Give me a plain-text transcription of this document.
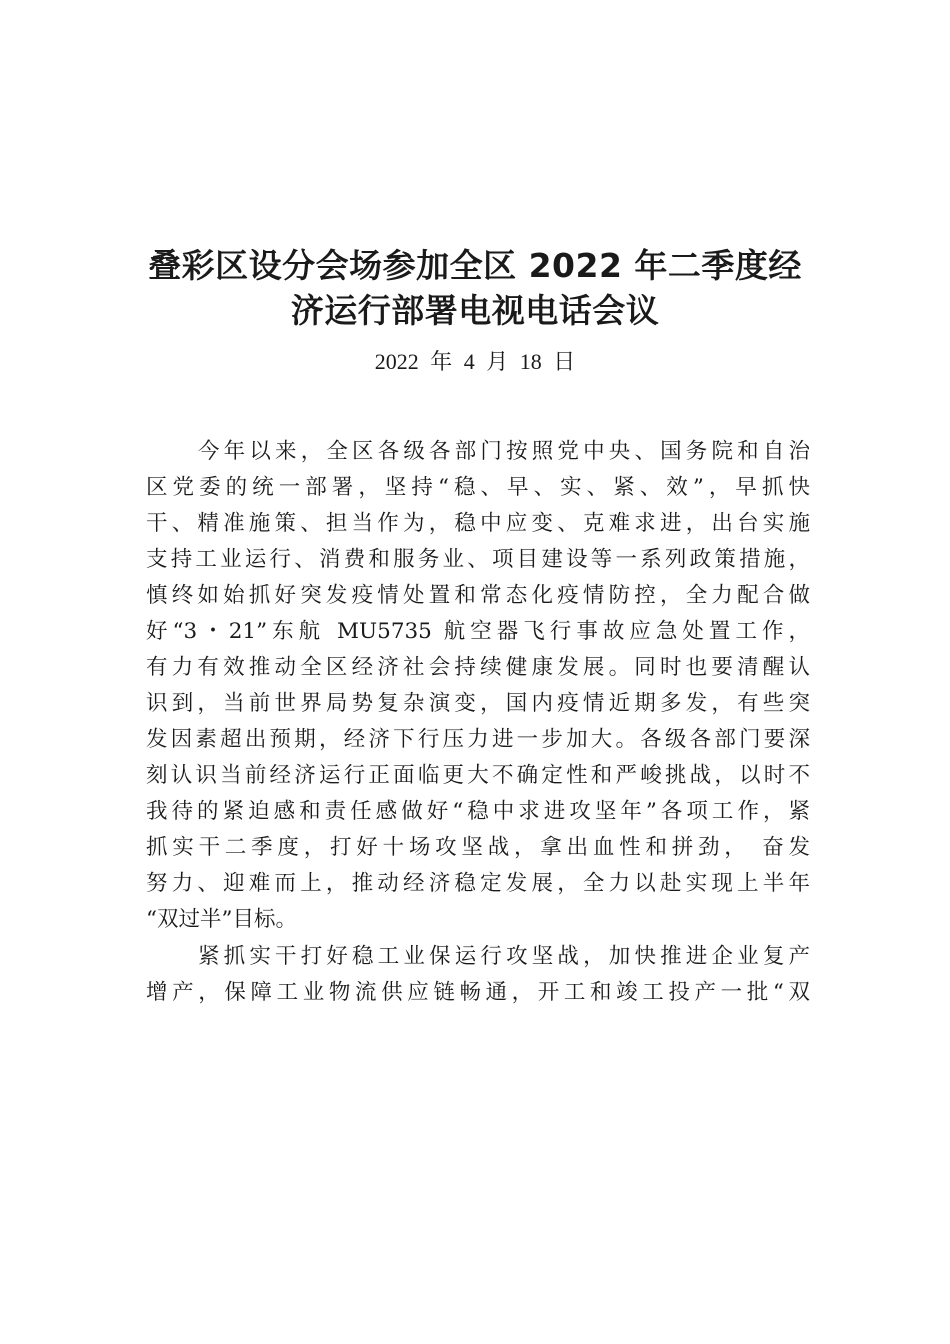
叠彩区设分会场参加全区 2022 年二季度经
济运行部署电视电话会议
2022 年 4 月 18 日
今年以来，全区各级各部门按照党中央、国务院和自治
区党委的统一部署，坚持“稳、早、实、紧、效”，早抓快
干、精准施策、担当作为，稳中应变、克难求进，出台实施
支持工业运行、消费和服务业、项目建设等一系列政策措施，
慎终如始抓好突发疫情处置和常态化疫情防控，全力配合做
好“3・21”东航 MU5735 航空器飞行事故应急处置工作，
有力有效推动全区经济社会持续健康发展。同时也要清醒认
识到，当前世界局势复杂演变，国内疫情近期多发，有些突
发因素超出预期，经济下行压力进一步加大。各级各部门要深
刻认识当前经济运行正面临更大不确定性和严峻挑战，以时不
我待的紧迫感和责任感做好“稳中求进攻坚年”各项工作，紧
抓实干二季度，打好十场攻坚战，拿出血性和拼劲， 奋发
努力、迎难而上，推动经济稳定发展，全力以赴实现上半年
“双过半”目标。
紧抓实干打好稳工业保运行攻坚战，加快推进企业复产
增产，保障工业物流供应链畅通，开工和竣工投产一批“双
